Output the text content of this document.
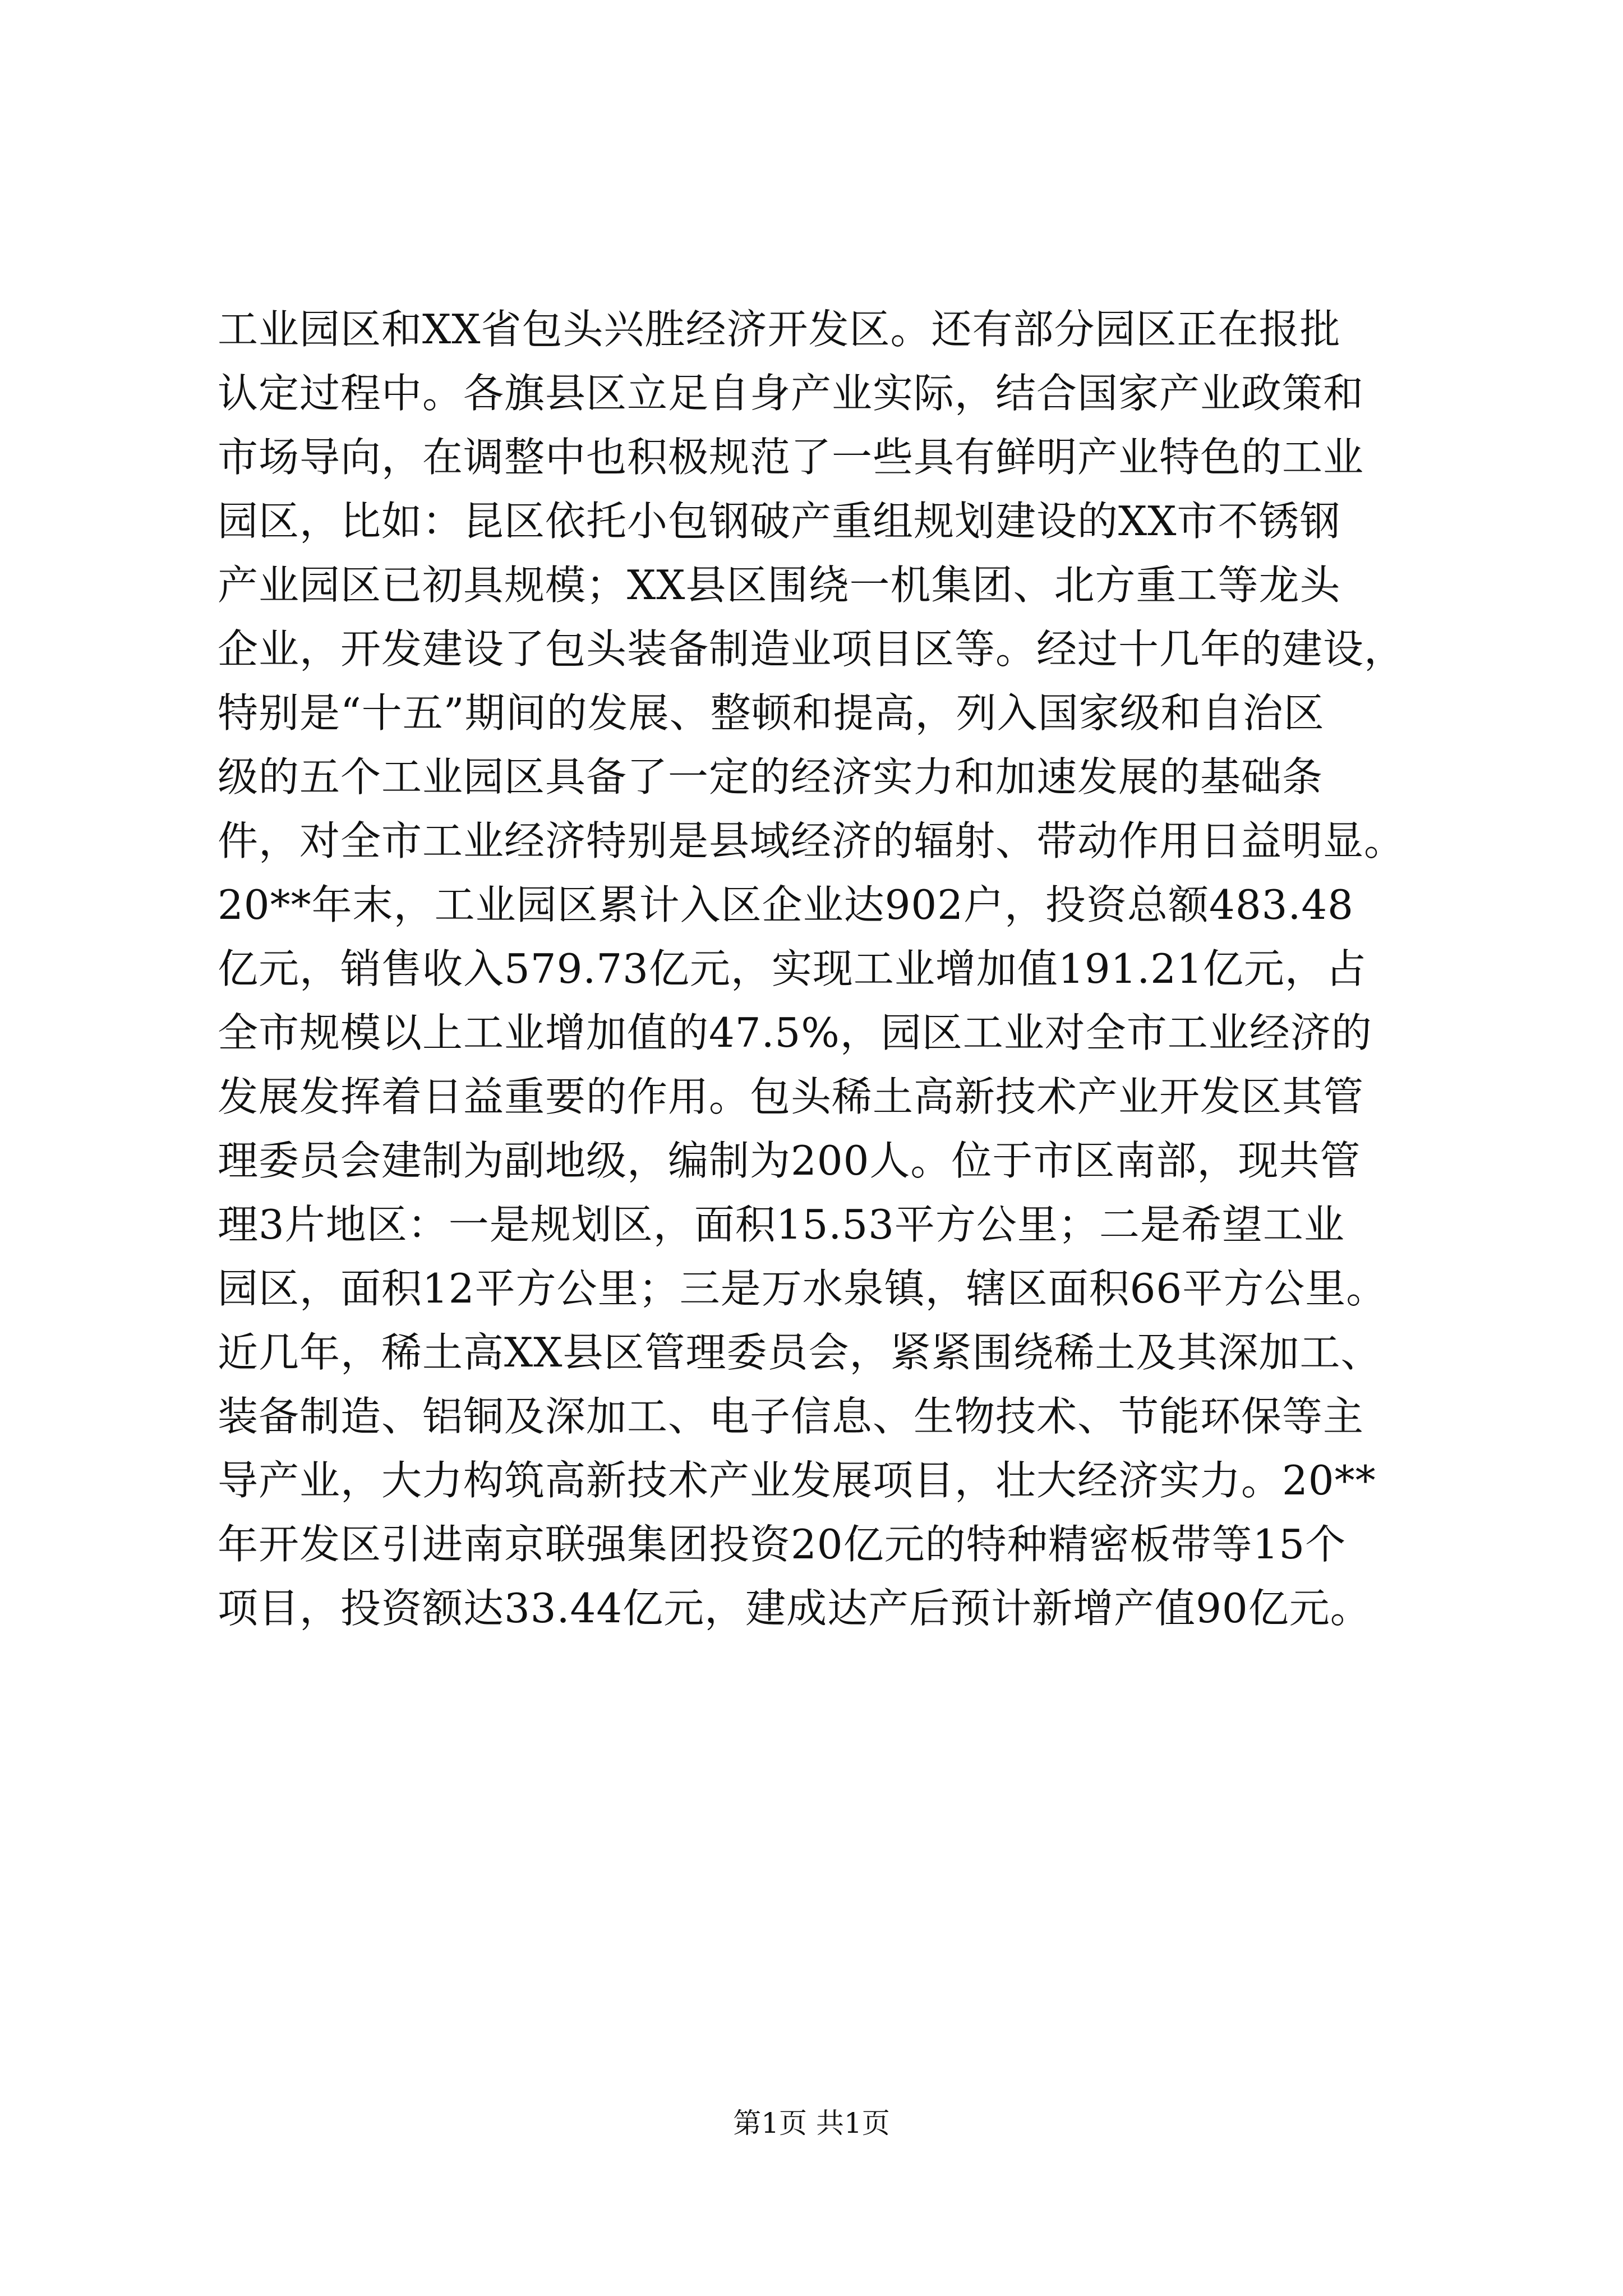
工业园区和XX省包头兴胜经济开发区。还有部分园区正在报批
认定过程中。各旗县区立足自身产业实际，结合国家产业政策和
市场导向，在调整中也积极规范了一些具有鲜明产业特色的工业
园区，比如：昆区依托小包钢破产重组规划建设的XX市不锈钢
产业园区已初具规模；XX县区围绕一机集团、北方重工等龙头
企业，开发建设了包头装备制造业项目区等。经过十几年的建设，
特别是“十五”期间的发展、整顿和提高，列入国家级和自治区
级的五个工业园区具备了一定的经济实力和加速发展的基础条
件，对全市工业经济特别是县域经济的辐射、带动作用日益明显。
20**年末，工业园区累计入区企业达902户，投资总额483.48
亿元，销售收入579.73亿元，实现工业增加值191.21亿元，占
全市规模以上工业增加值的47.5%，园区工业对全市工业经济的
发展发挥着日益重要的作用。包头稀土高新技术产业开发区其管
理委员会建制为副地级，编制为200人。位于市区南部，现共管
理3片地区：一是规划区，面积15.53平方公里；二是希望工业
园区，面积12平方公里；三是万水泉镇，辖区面积66平方公里。
近几年，稀土高XX县区管理委员会，紧紧围绕稀土及其深加工、
装备制造、铝铜及深加工、电子信息、生物技术、节能环保等主
导产业，大力构筑高新技术产业发展项目，壮大经济实力。20**
年开发区引进南京联强集团投资20亿元的特种精密板带等15个
项目，投资额达33.44亿元，建成达产后预计新增产值90亿元。
第1页 共1页
